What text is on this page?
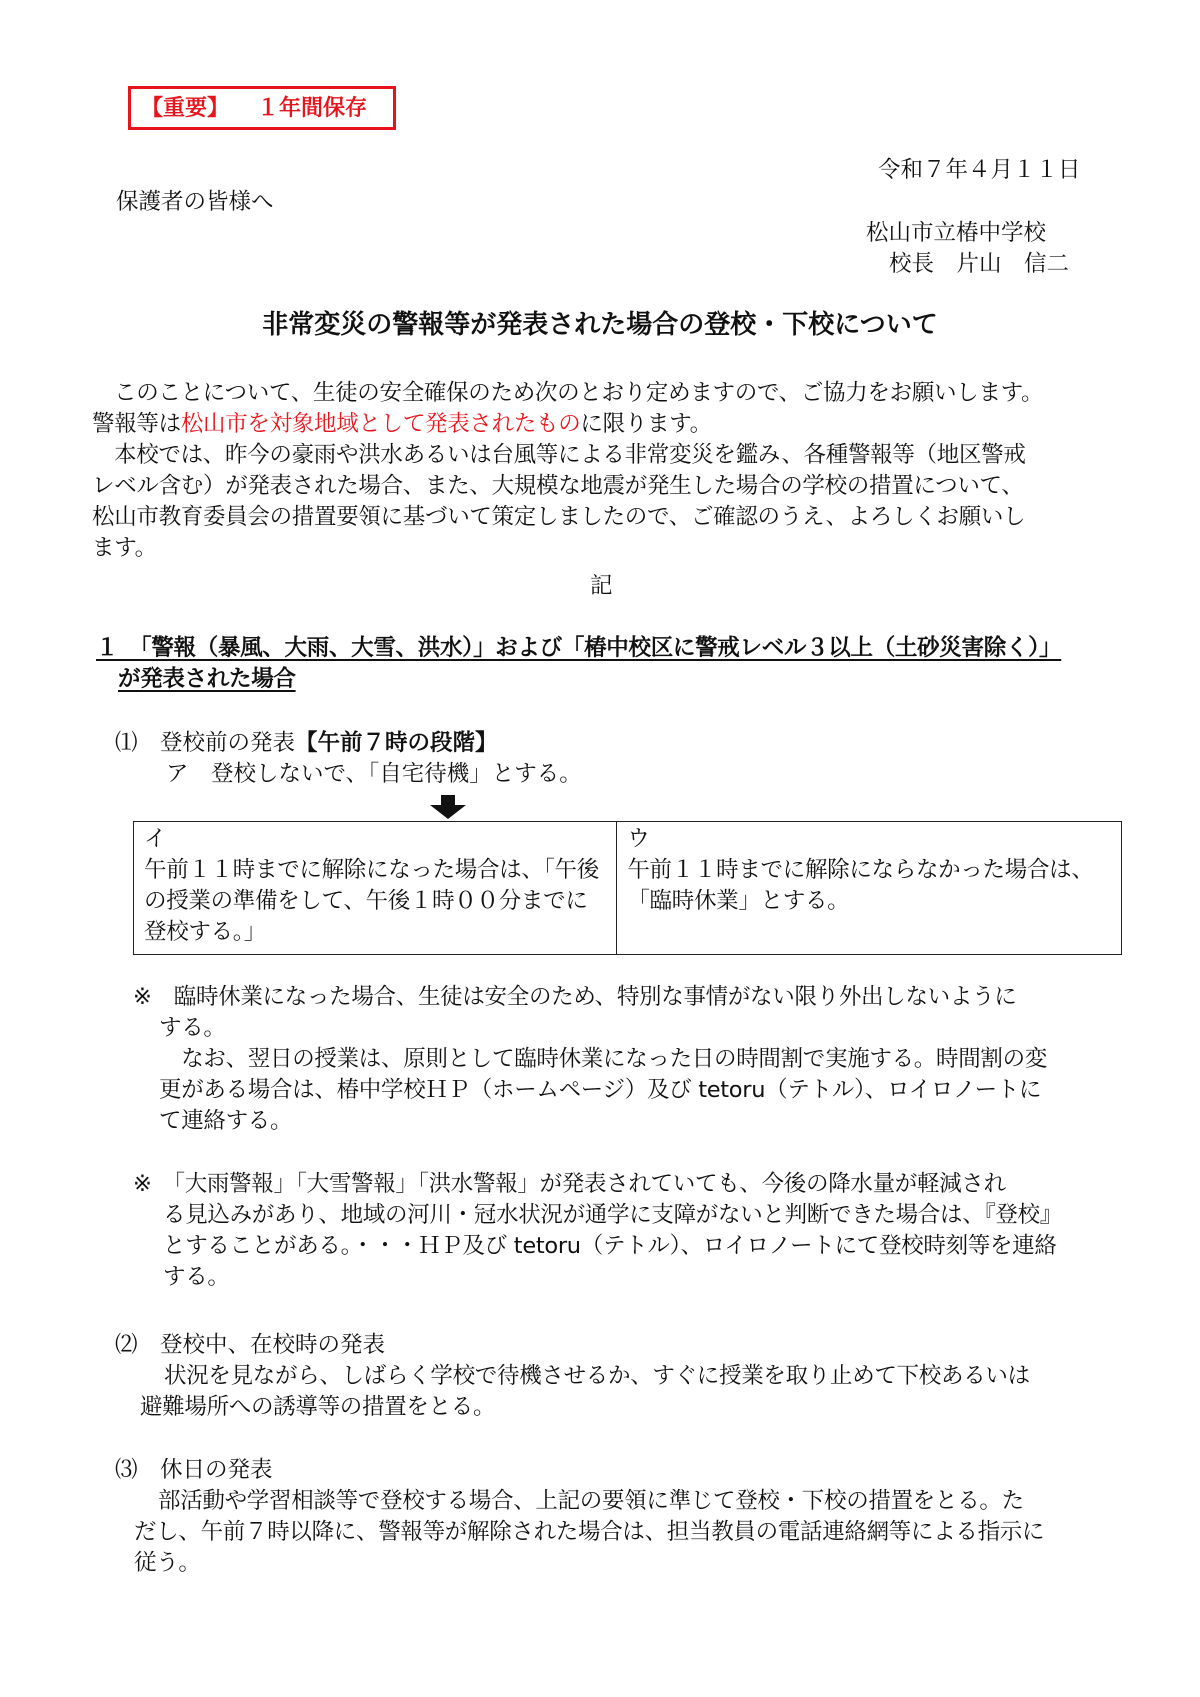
【重要】 １年間保存
令和７年４月１１日
保護者の皆様へ
松山市立椿中学校
校長　片山　信二
非常変災の警報等が発表された場合の登校・下校について
このことについて、生徒の安全確保のため次のとおり定めますので、ご協力をお願いします。
警報等は松山市を対象地域として発表されたものに限ります。
本校では、昨今の豪雨や洪水あるいは台風等による非常変災を鑑み、各種警報等（地区警戒
レベル含む）が発表された場合、また、大規模な地震が発生した場合の学校の措置について、
松山市教育委員会の措置要領に基づいて策定しましたので、ご確認のうえ、よろしくお願いし
ます。
記
１　「警報（暴風、大雨、大雪、洪水）」および「椿中校区に警戒レベル３以上（土砂災害除く）」
が発表された場合
⑴　登校前の発表【午前７時の段階】
ア　登校しないで、「自宅待機」とする。
イ
午前１１時までに解除になった場合は、「午後の授業の準備をして、午後１時００分までに登校する。」

ウ
午前１１時までに解除にならなかった場合は、「臨時休業」とする。
※　臨時休業になった場合、生徒は安全のため、特別な事情がない限り外出しないように
する。
　なお、翌日の授業は、原則として臨時休業になった日の時間割で実施する。時間割の変
更がある場合は、椿中学校ＨＰ（ホームページ）及び tetoru（テトル）、ロイロノートに
て連絡する。
※　「大雨警報」「大雪警報」「洪水警報」が発表されていても、今後の降水量が軽減され
る見込みがあり、地域の河川・冠水状況が通学に支障がないと判断できた場合は、『登校』
とすることがある。・・・ＨＰ及び tetoru（テトル）、ロイロノートにて登校時刻等を連絡
する。
⑵　登校中、在校時の発表
状況を見ながら、しばらく学校で待機させるか、すぐに授業を取り止めて下校あるいは
避難場所への誘導等の措置をとる。
⑶　休日の発表
部活動や学習相談等で登校する場合、上記の要領に準じて登校・下校の措置をとる。た
だし、午前７時以降に、警報等が解除された場合は、担当教員の電話連絡網等による指示に
従う。
